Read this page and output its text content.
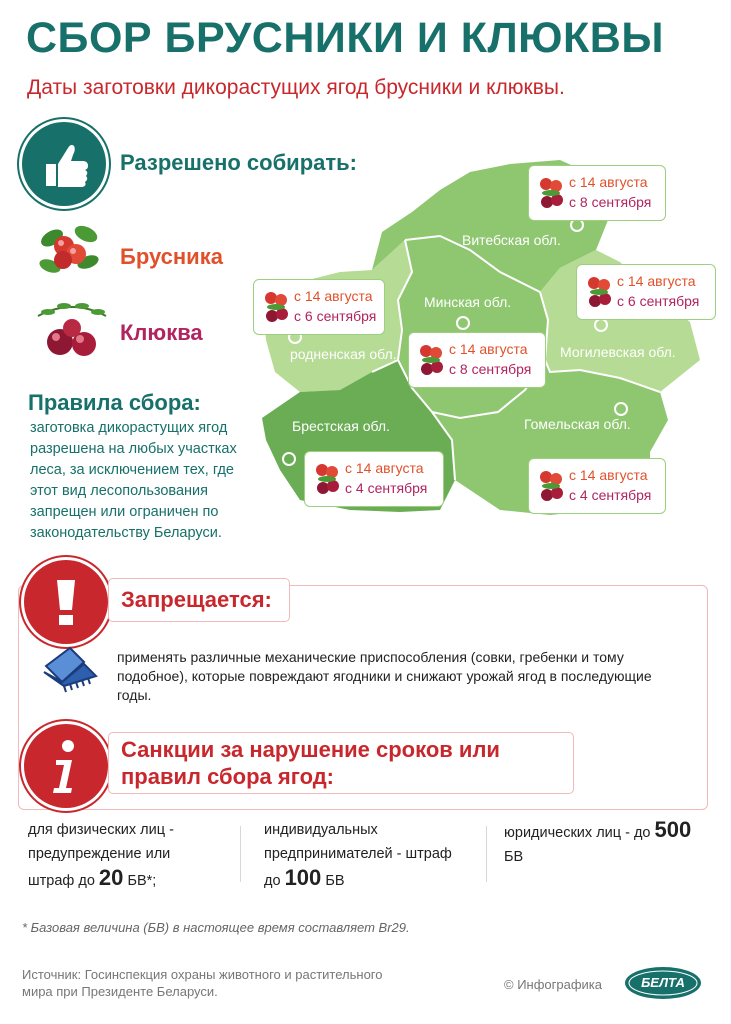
СБОР БРУСНИКИ И КЛЮКВЫ
Даты заготовки дикорастущих ягод брусники и клюквы.
Разрешено собирать:
Брусника
Клюква
Правила сбора:
заготовка дикорастущих ягод разрешена на любых участках леса, за исключением тех, где этот вид лесопользования запрещен или ограничен по законодательству Беларуси.
Витебская обл.
родненская обл.
Минская обл.
Могилевская обл.
Брестская обл.	Гомельская обл.
с 14 августа
с 8 сентября
с 14 августа
с 6 сентября
с 14 августа
с 8 сентября
с 14 августа
с 6 сентября
с 14 августа
с 4 сентября
с 14 августа
с 4 сентября
Запрещается:
применять различные механические приспособления (совки, гребенки и тому подобное), которые повреждают ягодники и снижают урожай ягод в последующие годы.
Санкции за нарушение сроков или
правил сбора ягод:
для физических лиц -
предупреждение или
штраф до 20 БВ*;
индивидуальных
предпринимателей - штраф
до 100 БВ
юридических лиц - до 500
БВ
* Базовая величина (БВ) в настоящее время составляет Br29.
Источник: Госинспекция охраны животного и растительного
мира при Президенте Беларуси.	© Инфографика	БЕЛТА
